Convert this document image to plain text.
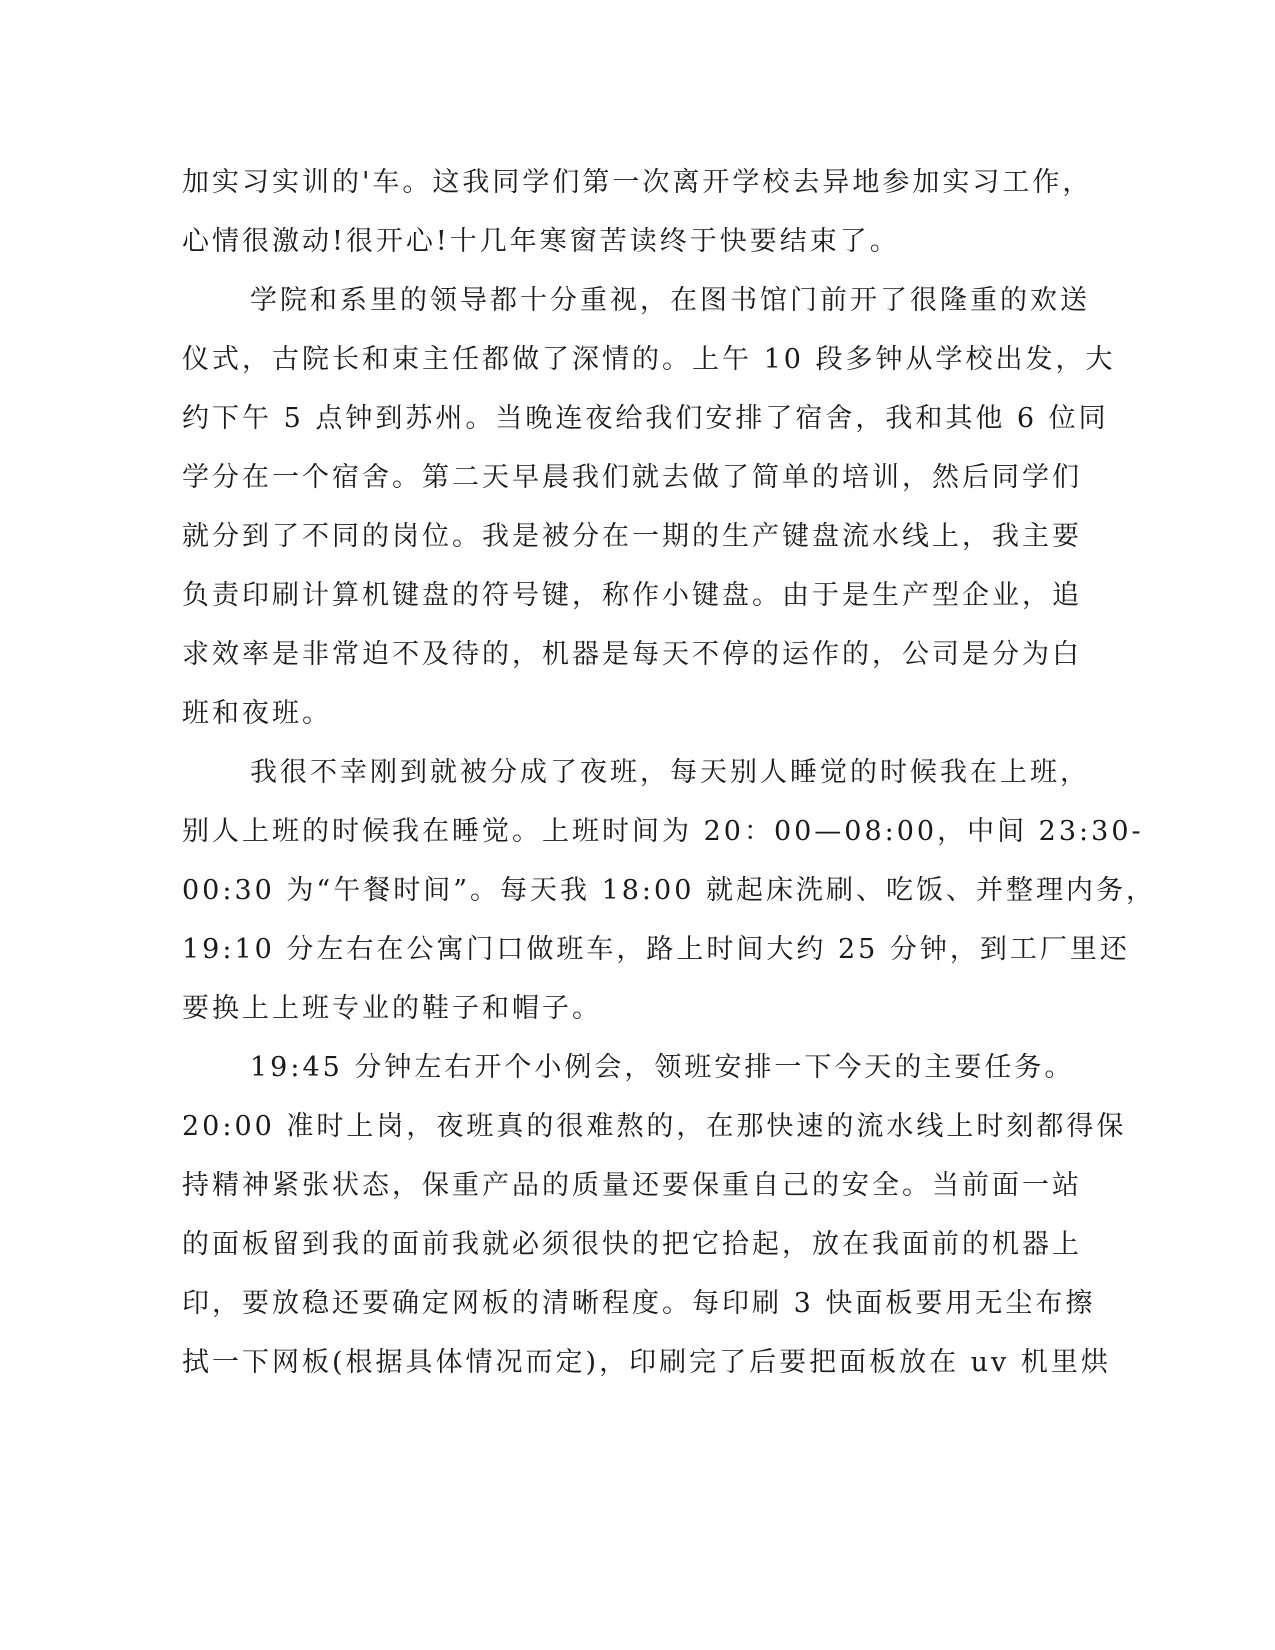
加实习实训的'车。这我同学们第一次离开学校去异地参加实习工作，
心情很激动!很开心!十几年寒窗苦读终于快要结束了。
学院和系里的领导都十分重视，在图书馆门前开了很隆重的欢送
仪式，古院长和束主任都做了深情的。上午 10 段多钟从学校出发，大
约下午 5 点钟到苏州。当晚连夜给我们安排了宿舍，我和其他 6 位同
学分在一个宿舍。第二天早晨我们就去做了简单的培训，然后同学们
就分到了不同的岗位。我是被分在一期的生产键盘流水线上，我主要
负责印刷计算机键盘的符号键，称作小键盘。由于是生产型企业，追
求效率是非常迫不及待的，机器是每天不停的运作的，公司是分为白
班和夜班。
我很不幸刚到就被分成了夜班，每天别人睡觉的时候我在上班，
别人上班的时候我在睡觉。上班时间为 20：00—08:00，中间 23:30-
00:30 为“午餐时间”。每天我 18:00 就起床洗刷、吃饭、并整理内务，
19:10 分左右在公寓门口做班车，路上时间大约 25 分钟，到工厂里还
要换上上班专业的鞋子和帽子。
19:45 分钟左右开个小例会，领班安排一下今天的主要任务。
20:00 准时上岗，夜班真的很难熬的，在那快速的流水线上时刻都得保
持精神紧张状态，保重产品的质量还要保重自己的安全。当前面一站
的面板留到我的面前我就必须很快的把它拾起，放在我面前的机器上
印，要放稳还要确定网板的清晰程度。每印刷 3 快面板要用无尘布擦
拭一下网板(根据具体情况而定)，印刷完了后要把面板放在 uv 机里烘
